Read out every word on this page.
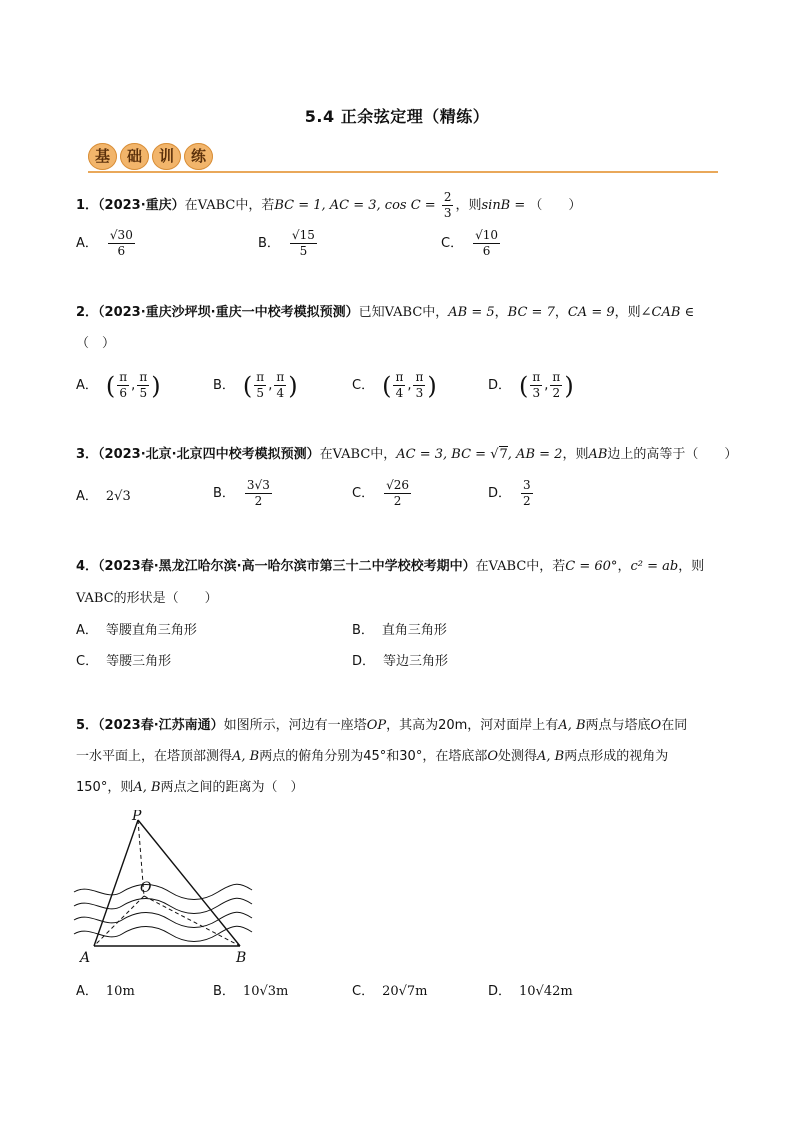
5.4 正余弦定理（精练）
基	础	训	练
1．（2023·重庆）在VABC中，若BC = 1, AC = 3, $\cos C = \frac{2}{3}$ ，则sinB = （　　）
A． $\frac{√30}{6}$	B． $\frac{√15}{5}$	C． $\frac{√10}{6}$
2．（2023·重庆沙坪坝·重庆一中校考模拟预测）已知VABC中，AB = 5，BC = 7，CA = 9，则∠CAB ∈
（　）
A． ( $\frac{\pi}{6}$ , $\frac{\pi}{5}$ )	B． ( $\frac{\pi}{5}$ , $\frac{\pi}{4}$ )	C． ( $\frac{\pi}{4}$ , $\frac{\pi}{3}$ )	D． ( $\frac{\pi}{3}$ , $\frac{\pi}{2}$ )
3．（2023·北京·北京四中校考模拟预测）在VABC中，AC = 3, BC = √7, AB = 2，则AB边上的高等于（　　）
A． 2√3	B． $\frac{3√3}{2}$	C． $\frac{√26}{2}$	D． $\frac{3}{2}$
4．（2023春·黑龙江哈尔滨·高一哈尔滨市第三十二中学校校考期中）在VABC中，若C = 60°，c² = ab，则
VABC的形状是（　　）
A． 等腰直角三角形	B． 直角三角形
C． 等腰三角形	D． 等边三角形
5．（2023春·江苏南通）如图所示，河边有一座塔OP，其高为20m，河对面岸上有A, B两点与塔底O在同
一水平面上，在塔顶部测得A, B两点的俯角分别为45°和30°，在塔底部O处测得A, B两点形成的视角为
150°，则A, B两点之间的距离为（　）
P
O
A	B
A． 10m	B． 10√3m	C． 20√7m	D． 10√42m
